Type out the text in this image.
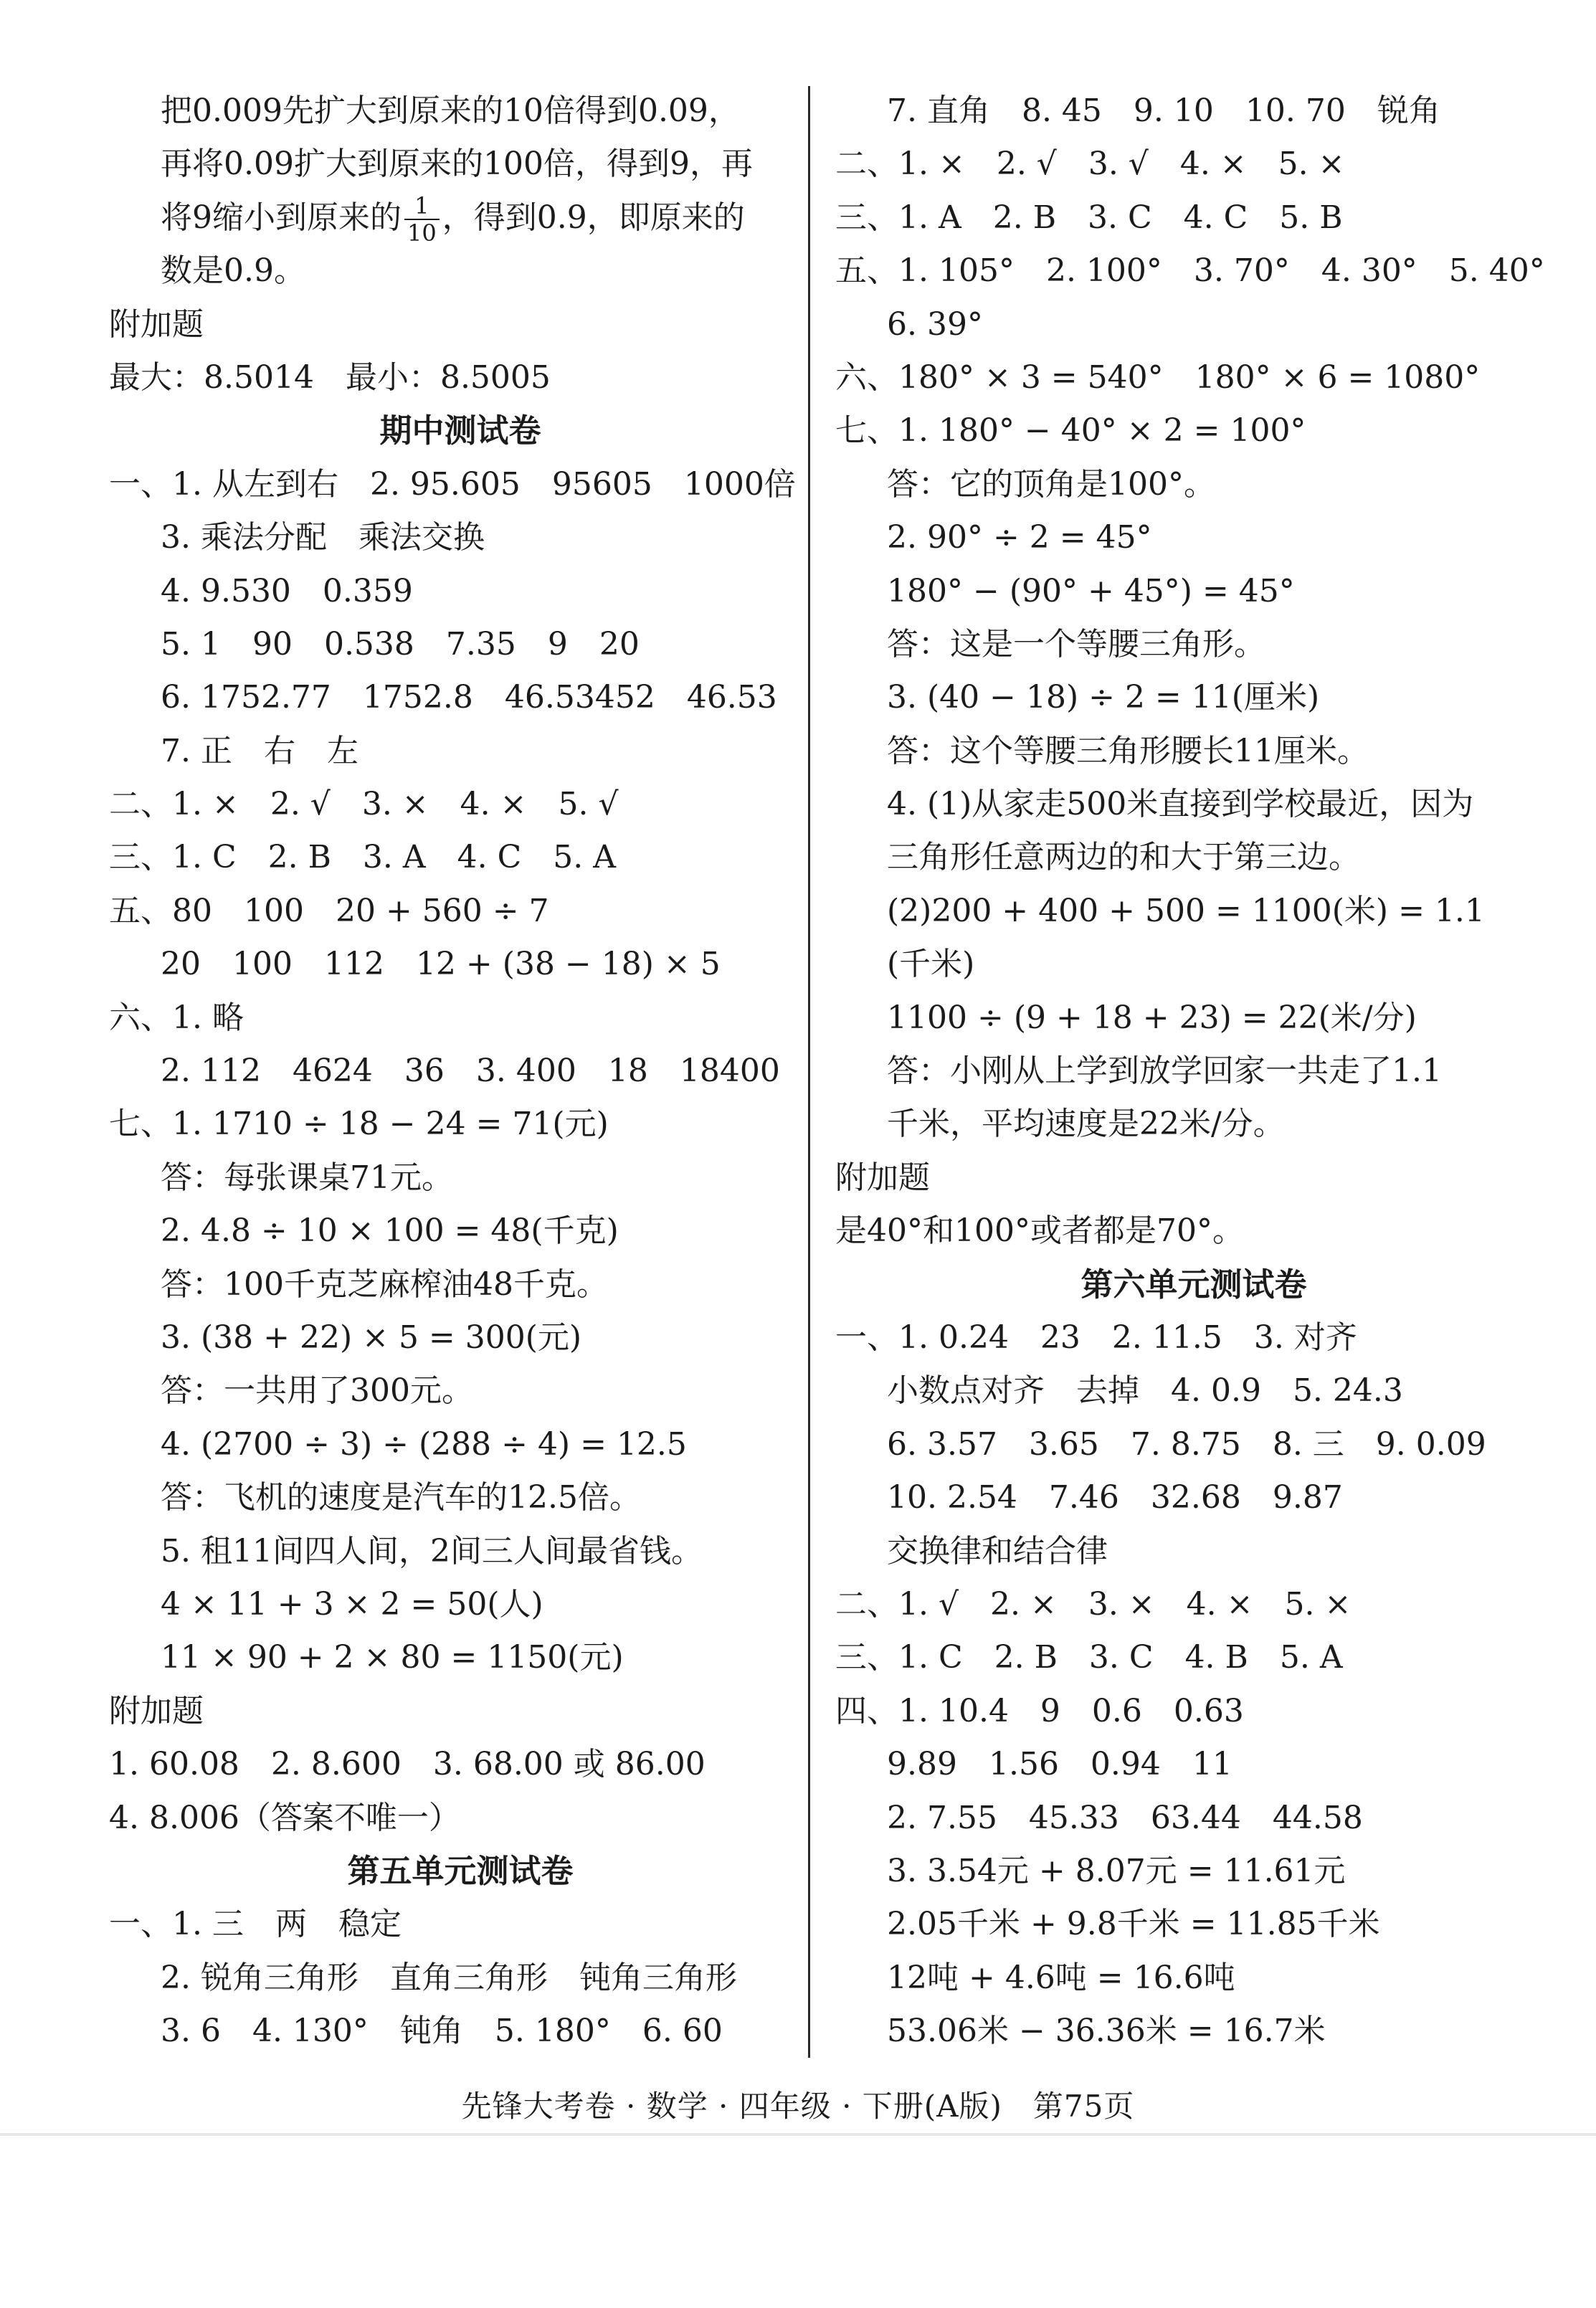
把0.009先扩大到原来的10倍得到0.09，
再将0.09扩大到原来的100倍，得到9，再
将9缩小到原来的 $\frac{1}{10}$ ，得到0.9，即原来的
数是0.9。
附加题
最大：8.5014　最小：8.5005
期中测试卷
一、1. 从左到右　2. 95.605　95605　1000倍
3. 乘法分配　乘法交换
4. 9.530　0.359
5. 1　90　0.538　7.35　9　20
6. 1752.77　1752.8　46.53452　46.53
7. 正　右　左
二、1. ×　2. √　3. ×　4. ×　5. √
三、1. C　2. B　3. A　4. C　5. A
五、80　100　20 + 560 ÷ 7
20　100　112　12 + (38 − 18) × 5
六、1. 略
2. 112　4624　36　3. 400　18　18400
七、1. 1710 ÷ 18 − 24 = 71(元)
答：每张课桌71元。
2. 4.8 ÷ 10 × 100 = 48(千克)
答：100千克芝麻榨油48千克。
3. (38 + 22) × 5 = 300(元)
答：一共用了300元。
4. (2700 ÷ 3) ÷ (288 ÷ 4) = 12.5
答：飞机的速度是汽车的12.5倍。
5. 租11间四人间，2间三人间最省钱。
4 × 11 + 3 × 2 = 50(人)
11 × 90 + 2 × 80 = 1150(元)
附加题
1. 60.08　2. 8.600　3. 68.00 或 86.00
4. 8.006（答案不唯一）
第五单元测试卷
一、1. 三　两　稳定
2. 锐角三角形　直角三角形　钝角三角形
3. 6　4. 130°　钝角　5. 180°　6. 60
7. 直角　8. 45　9. 10　10. 70　锐角
二、1. ×　2. √　3. √　4. ×　5. ×
三、1. A　2. B　3. C　4. C　5. B
五、1. 105°　2. 100°　3. 70°　4. 30°　5. 40°
6. 39°
六、180° × 3 = 540°　180° × 6 = 1080°
七、1. 180° − 40° × 2 = 100°
答：它的顶角是100°。
2. 90° ÷ 2 = 45°
180° − (90° + 45°) = 45°
答：这是一个等腰三角形。
3. (40 − 18) ÷ 2 = 11(厘米)
答：这个等腰三角形腰长11厘米。
4. (1)从家走500米直接到学校最近，因为
三角形任意两边的和大于第三边。
(2)200 + 400 + 500 = 1100(米) = 1.1
(千米)
1100 ÷ (9 + 18 + 23) = 22(米/分)
答：小刚从上学到放学回家一共走了1.1
千米，平均速度是22米/分。
附加题
是40°和100°或者都是70°。
第六单元测试卷
一、1. 0.24　23　2. 11.5　3. 对齐
小数点对齐　去掉　4. 0.9　5. 24.3
6. 3.57　3.65　7. 8.75　8. 三　9. 0.09
10. 2.54　7.46　32.68　9.87
交换律和结合律
二、1. √　2. ×　3. ×　4. ×　5. ×
三、1. C　2. B　3. C　4. B　5. A
四、1. 10.4　9　0.6　0.63
9.89　1.56　0.94　11
2. 7.55　45.33　63.44　44.58
3. 3.54元 + 8.07元 = 11.61元
2.05千米 + 9.8千米 = 11.85千米
12吨 + 4.6吨 = 16.6吨
53.06米 − 36.36米 = 16.7米
先锋大考卷 · 数学 · 四年级 · 下册(A版)　第75页
